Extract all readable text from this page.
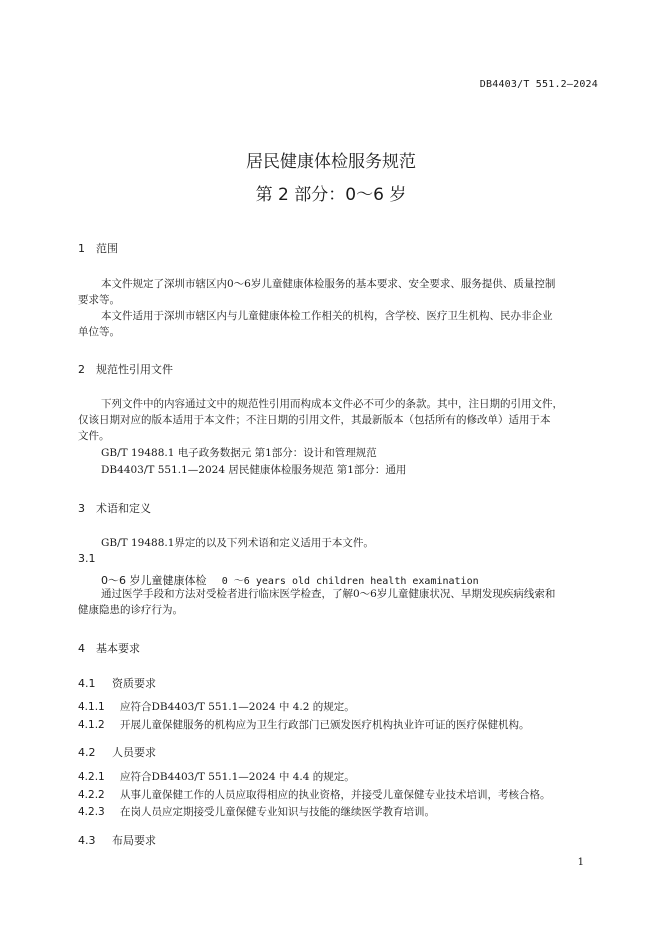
DB4403/T 551.2—2024
居民健康体检服务规范
第 2 部分：0～6 岁
1 范围
本文件规定了深圳市辖区内0～6岁儿童健康体检服务的基本要求、安全要求、服务提供、质量控制
要求等。
本文件适用于深圳市辖区内与儿童健康体检工作相关的机构，含学校、医疗卫生机构、民办非企业
单位等。
2 规范性引用文件
下列文件中的内容通过文中的规范性引用而构成本文件必不可少的条款。其中，注日期的引用文件，
仅该日期对应的版本适用于本文件；不注日期的引用文件，其最新版本（包括所有的修改单）适用于本
文件。
GB/T 19488.1 电子政务数据元 第1部分：设计和管理规范
DB4403/T 551.1—2024 居民健康体检服务规范 第1部分：通用
3 术语和定义
GB/T 19488.1界定的以及下列术语和定义适用于本文件。
3.1
0～6 岁儿童健康体检 0 ～6 years old children health examination
通过医学手段和方法对受检者进行临床医学检查，了解0～6岁儿童健康状况、早期发现疾病线索和
健康隐患的诊疗行为。
4 基本要求
4.1 资质要求
4.1.1 应符合DB4403/T 551.1—2024 中 4.2 的规定。
4.1.2 开展儿童保健服务的机构应为卫生行政部门已颁发医疗机构执业许可证的医疗保健机构。
4.2 人员要求
4.2.1 应符合DB4403/T 551.1—2024 中 4.4 的规定。
4.2.2 从事儿童保健工作的人员应取得相应的执业资格，并接受儿童保健专业技术培训，考核合格。
4.2.3 在岗人员应定期接受儿童保健专业知识与技能的继续医学教育培训。
4.3 布局要求
1
